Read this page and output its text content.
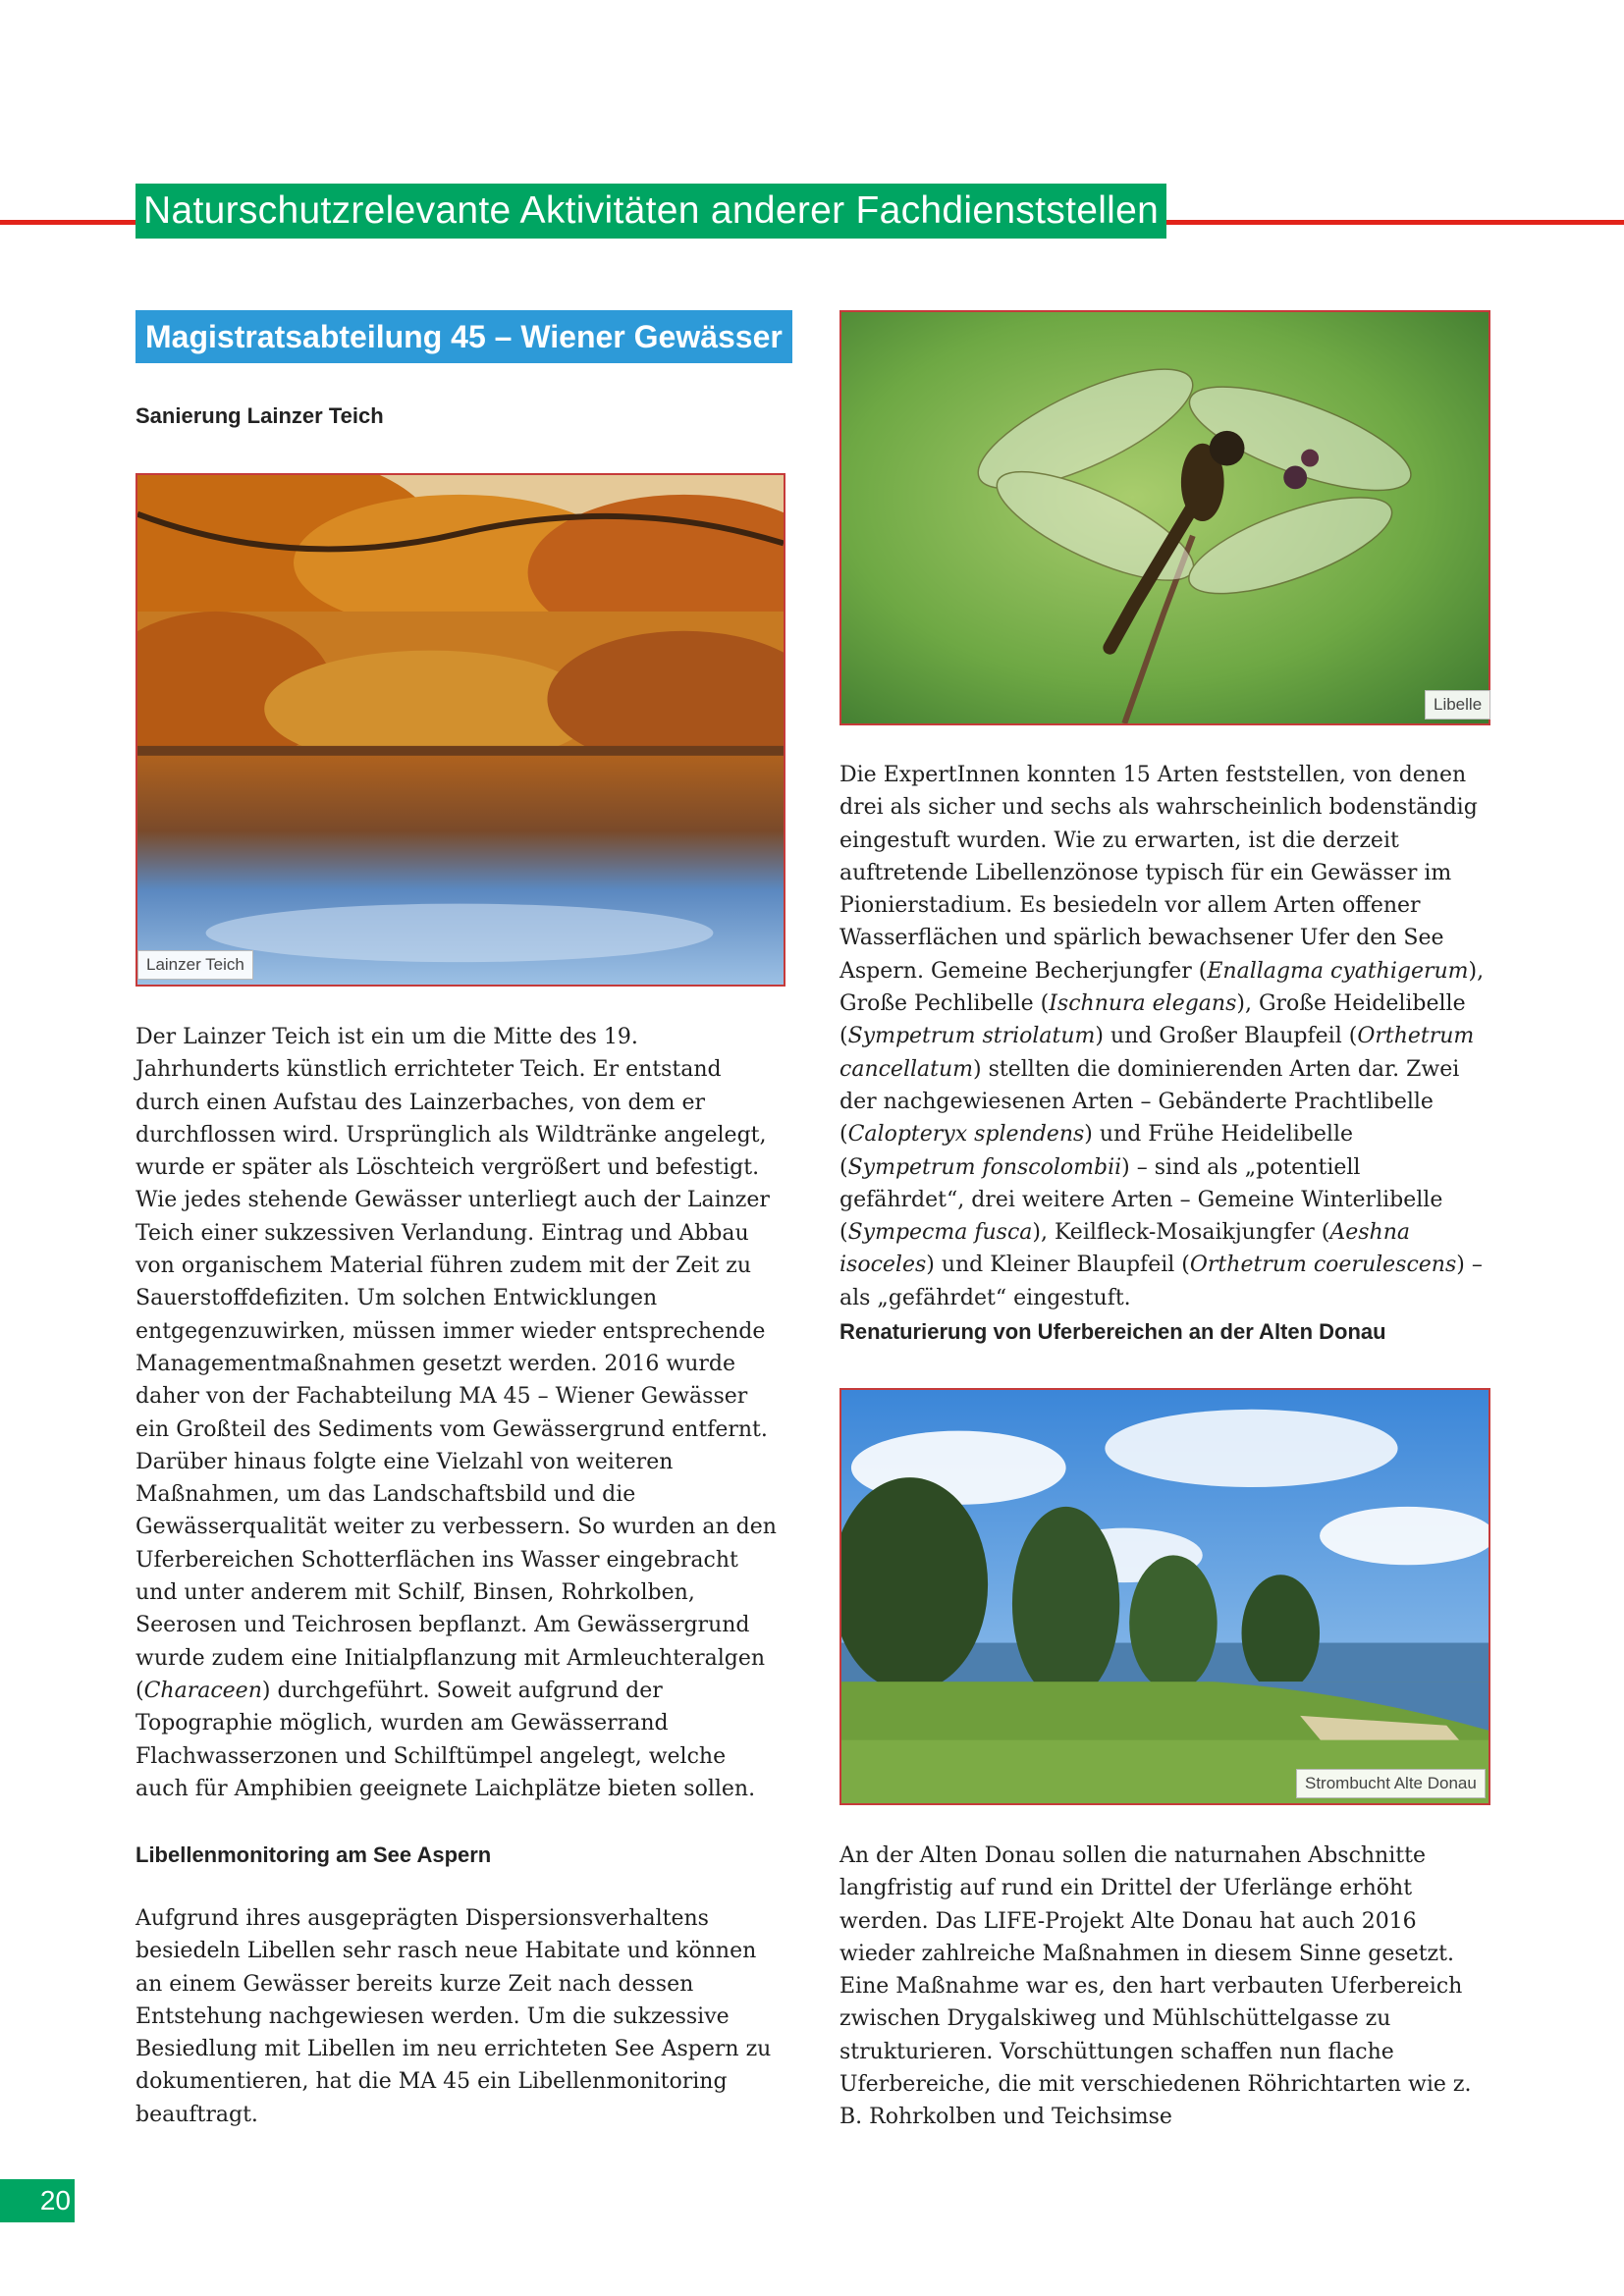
Naturschutzrelevante Aktivitäten anderer Fachdienststellen
Magistratsabteilung 45 – Wiener Gewässer
Sanierung Lainzer Teich
Lainzer Teich

Der Lainzer Teich ist ein um die Mitte des 19. Jahrhunderts künstlich errichteter Teich. Er entstand durch einen Aufstau des Lainzerbaches, von dem er durchflossen wird. Ursprünglich als Wildtränke angelegt, wurde er später als Löschteich vergrößert und befestigt. Wie jedes stehende Gewässer unterliegt auch der Lainzer Teich einer sukzessiven Verlandung. Eintrag und Abbau von organischem Material führen zudem mit der Zeit zu Sauerstoffdefiziten. Um solchen Entwicklungen entgegenzuwirken, müssen immer wieder entsprechende Managementmaßnahmen gesetzt werden. 2016 wurde daher von der Fachabteilung MA 45 – Wiener Gewässer ein Großteil des Sediments vom Gewässergrund entfernt. Darüber hinaus folgte eine Vielzahl von weiteren Maßnahmen, um das Landschaftsbild und die Gewässerqualität weiter zu verbessern. So wurden an den Uferbereichen Schotterflächen ins Wasser eingebracht und unter anderem mit Schilf, Binsen, Rohrkolben, Seerosen und Teichrosen bepflanzt. Am Gewässergrund wurde zudem eine Initialpflanzung mit Armleuchteralgen (Characeen) durchgeführt. Soweit aufgrund der Topographie möglich, wurden am Gewässerrand Flachwasserzonen und Schilftümpel angelegt, welche auch für Amphibien geeignete Laichplätze bieten sollen.

Libellenmonitoring am See Aspern

Aufgrund ihres ausgeprägten Dispersionsverhaltens besiedeln Libellen sehr rasch neue Habitate und können an einem Gewässer bereits kurze Zeit nach dessen Entstehung nachgewiesen werden. Um die sukzessive Besiedlung mit Libellen im neu errichteten See Aspern zu dokumentieren, hat die MA 45 ein Libellenmonitoring beauftragt.

Libelle

Die ExpertInnen konnten 15 Arten feststellen, von denen drei als sicher und sechs als wahrscheinlich bodenständig eingestuft wurden. Wie zu erwarten, ist die derzeit auftretende Libellenzönose typisch für ein Gewässer im Pionierstadium. Es besiedeln vor allem Arten offener Wasserflächen und spärlich bewachsener Ufer den See Aspern. Gemeine Becherjungfer (Enallagma cyathigerum), Große Pechlibelle (Ischnura elegans), Große Heidelibelle (Sympetrum striolatum) und Großer Blaupfeil (Orthetrum cancellatum) stellten die dominierenden Arten dar. Zwei der nachgewiesenen Arten – Gebänderte Prachtlibelle (Calopteryx splendens) und Frühe Heidelibelle (Sympetrum fonscolombii) – sind als „potentiell gefährdet“, drei weitere Arten – Gemeine Winterlibelle (Sympecma fusca), Keilfleck-Mosaikjungfer (Aeshna isoceles) und Kleiner Blaupfeil (Orthetrum coerulescens) – als „gefährdet“ eingestuft.

Renaturierung von Uferbereichen an der Alten Donau
Strombucht Alte Donau

An der Alten Donau sollen die naturnahen Abschnitte langfristig auf rund ein Drittel der Uferlänge erhöht werden. Das LIFE-Projekt Alte Donau hat auch 2016 wieder zahlreiche Maßnahmen in diesem Sinne gesetzt. Eine Maßnahme war es, den hart verbauten Uferbereich zwischen Drygalskiweg und Mühlschüttelgasse zu strukturieren. Vorschüttungen schaffen nun flache Uferbereiche, die mit verschiedenen Röhrichtarten wie z. B. Rohrkolben und Teichsimse

20
